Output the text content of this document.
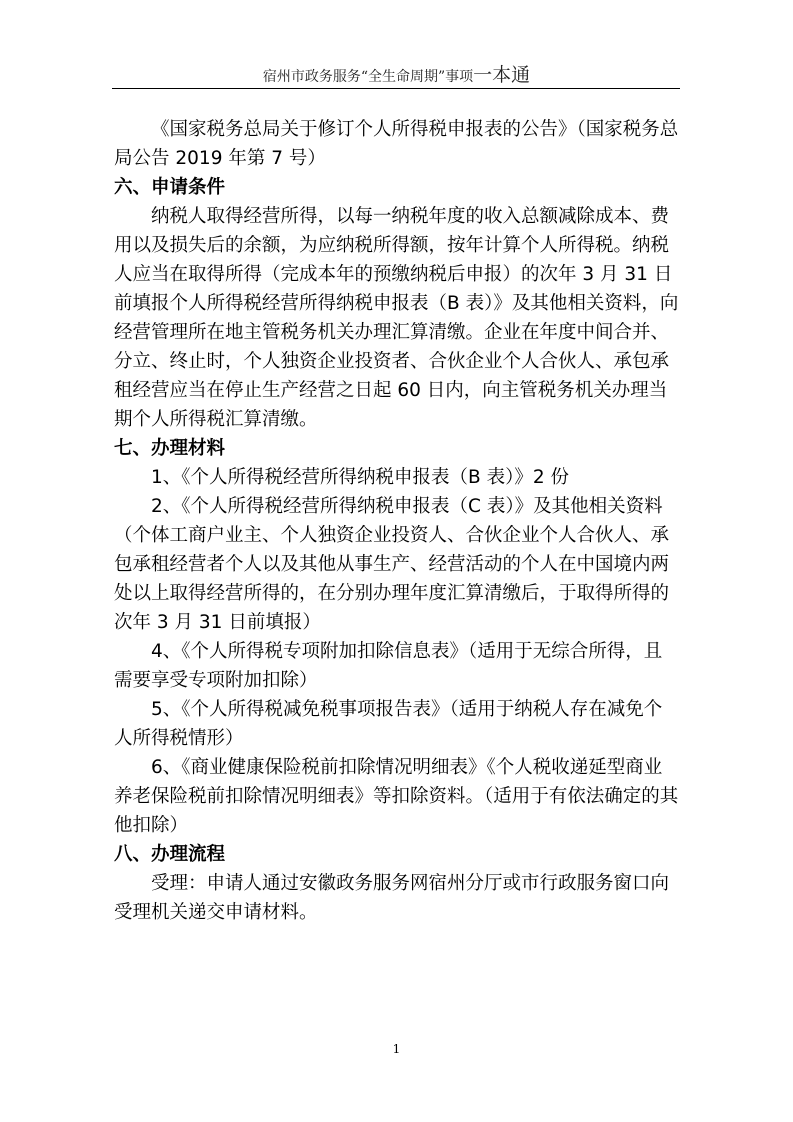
宿州市政务服务“全生命周期”事项一本通

《国家税务总局关于修订个人所得税申报表的公告》（国家税务总局公告 2019 年第 7 号）

六、申请条件

纳税人取得经营所得，以每一纳税年度的收入总额减除成本、费用以及损失后的余额，为应纳税所得额，按年计算个人所得税。纳税人应当在取得所得（完成本年的预缴纳税后申报）的次年 3 月 31 日前填报个人所得税经营所得纳税申报表（B 表）》及其他相关资料，向经营管理所在地主管税务机关办理汇算清缴。企业在年度中间合并、分立、终止时，个人独资企业投资者、合伙企业个人合伙人、承包承租经营应当在停止生产经营之日起 60 日内，向主管税务机关办理当期个人所得税汇算清缴。

七、办理材料

1、《个人所得税经营所得纳税申报表（B 表）》2 份

2、《个人所得税经营所得纳税申报表（C 表）》及其他相关资料（个体工商户业主、个人独资企业投资人、合伙企业个人合伙人、承包承租经营者个人以及其他从事生产、经营活动的个人在中国境内两处以上取得经营所得的，在分别办理年度汇算清缴后，于取得所得的次年 3 月 31 日前填报）

4、《个人所得税专项附加扣除信息表》（适用于无综合所得，且需要享受专项附加扣除）

5、《个人所得税减免税事项报告表》（适用于纳税人存在减免个人所得税情形）

6、《商业健康保险税前扣除情况明细表》《个人税收递延型商业养老保险税前扣除情况明细表》等扣除资料。（适用于有依法确定的其他扣除）

八、办理流程

受理：申请人通过安徽政务服务网宿州分厅或市行政服务窗口向受理机关递交申请材料。

1
